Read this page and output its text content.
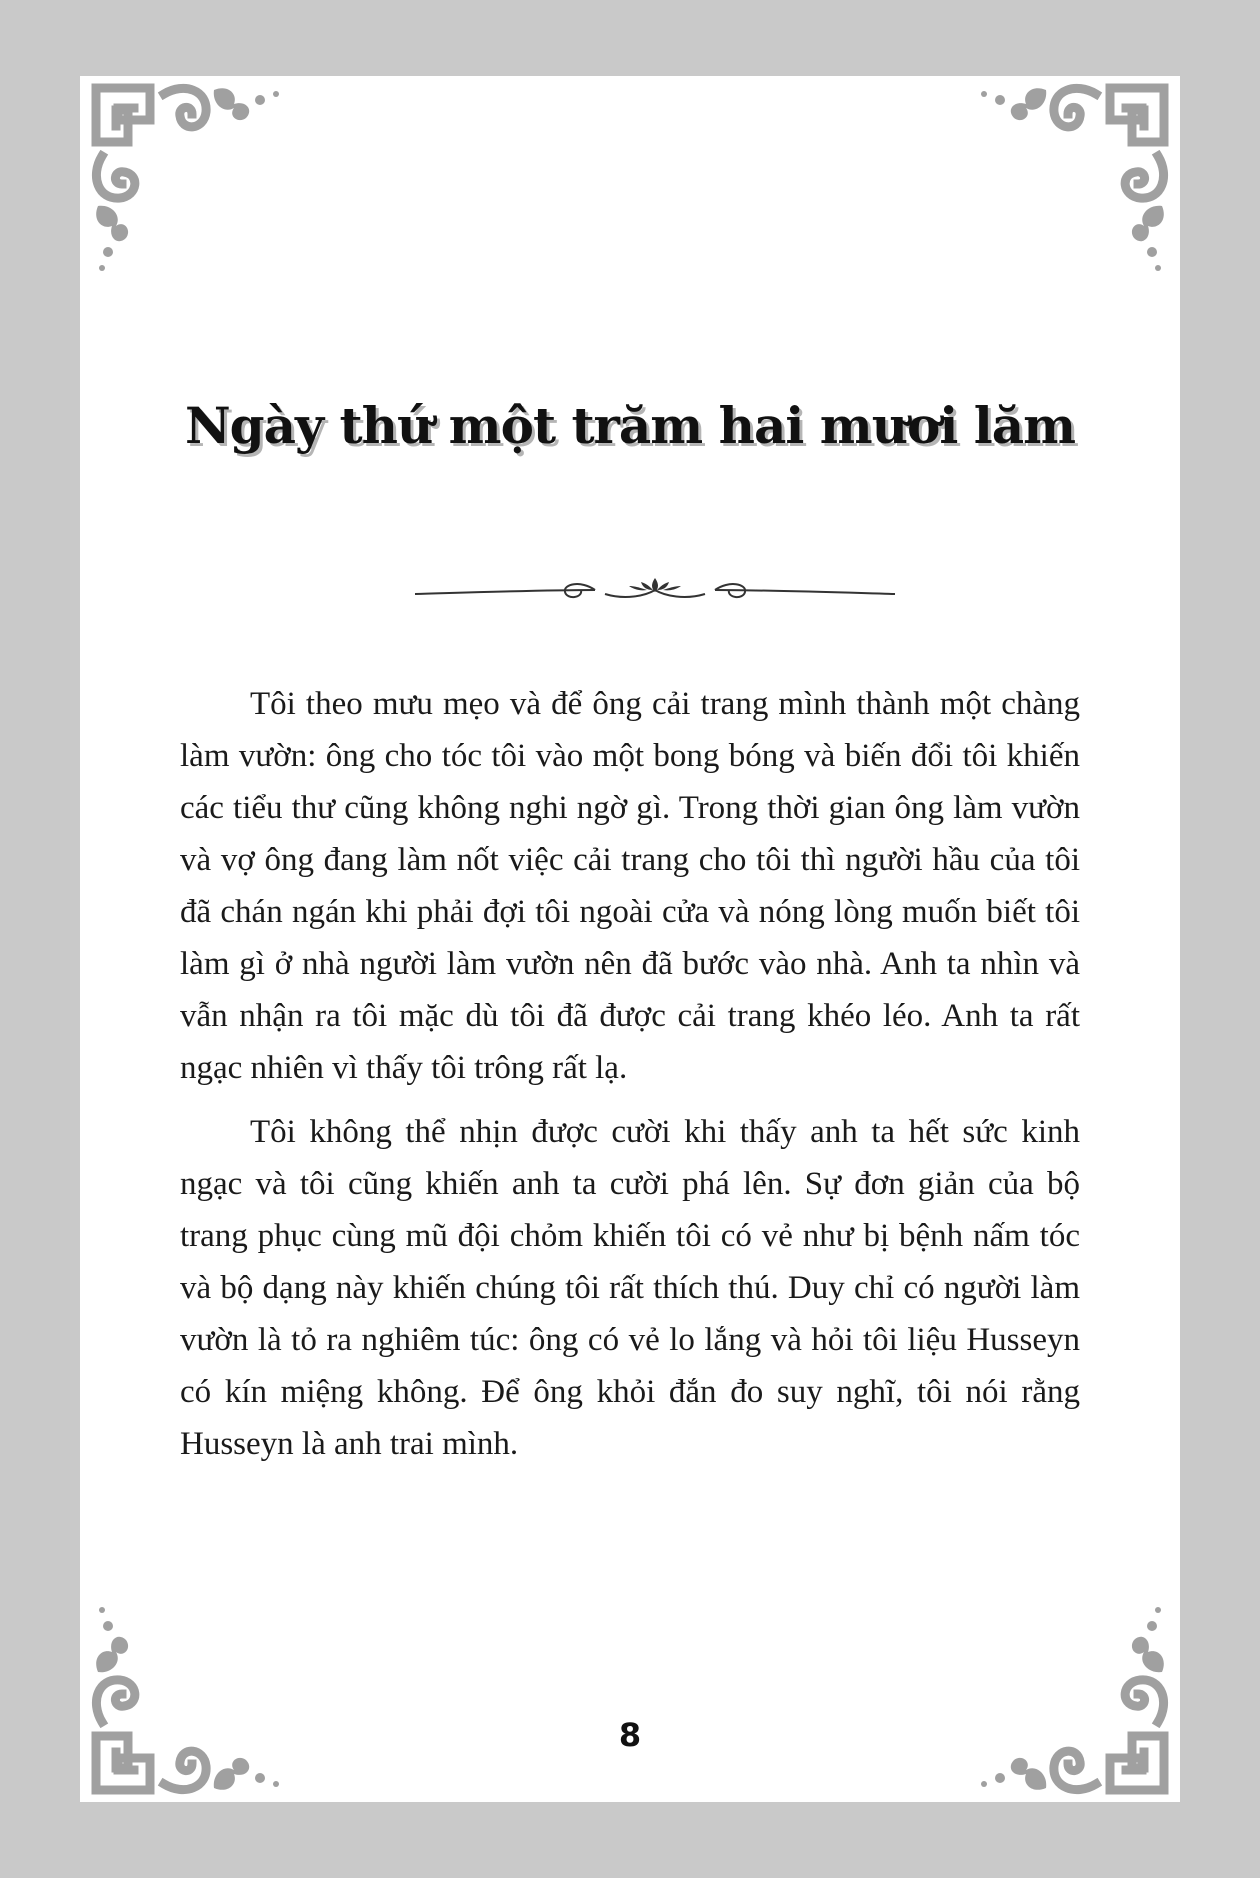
Ngày thứ một trăm hai mươi lăm

Tôi theo mưu mẹo và để ông cải trang mình thành một chàng làm vườn: ông cho tóc tôi vào một bong bóng và biến đổi tôi khiến các tiểu thư cũng không nghi ngờ gì. Trong thời gian ông làm vườn và vợ ông đang làm nốt việc cải trang cho tôi thì người hầu của tôi đã chán ngán khi phải đợi tôi ngoài cửa và nóng lòng muốn biết tôi làm gì ở nhà người làm vườn nên đã bước vào nhà. Anh ta nhìn và vẫn nhận ra tôi mặc dù tôi đã được cải trang khéo léo. Anh ta rất ngạc nhiên vì thấy tôi trông rất lạ.

Tôi không thể nhịn được cười khi thấy anh ta hết sức kinh ngạc và tôi cũng khiến anh ta cười phá lên. Sự đơn giản của bộ trang phục cùng mũ đội chỏm khiến tôi có vẻ như bị bệnh nấm tóc và bộ dạng này khiến chúng tôi rất thích thú. Duy chỉ có người làm vườn là tỏ ra nghiêm túc: ông có vẻ lo lắng và hỏi tôi liệu Husseyn có kín miệng không. Để ông khỏi đắn đo suy nghĩ, tôi nói rằng Husseyn là anh trai mình.

8
